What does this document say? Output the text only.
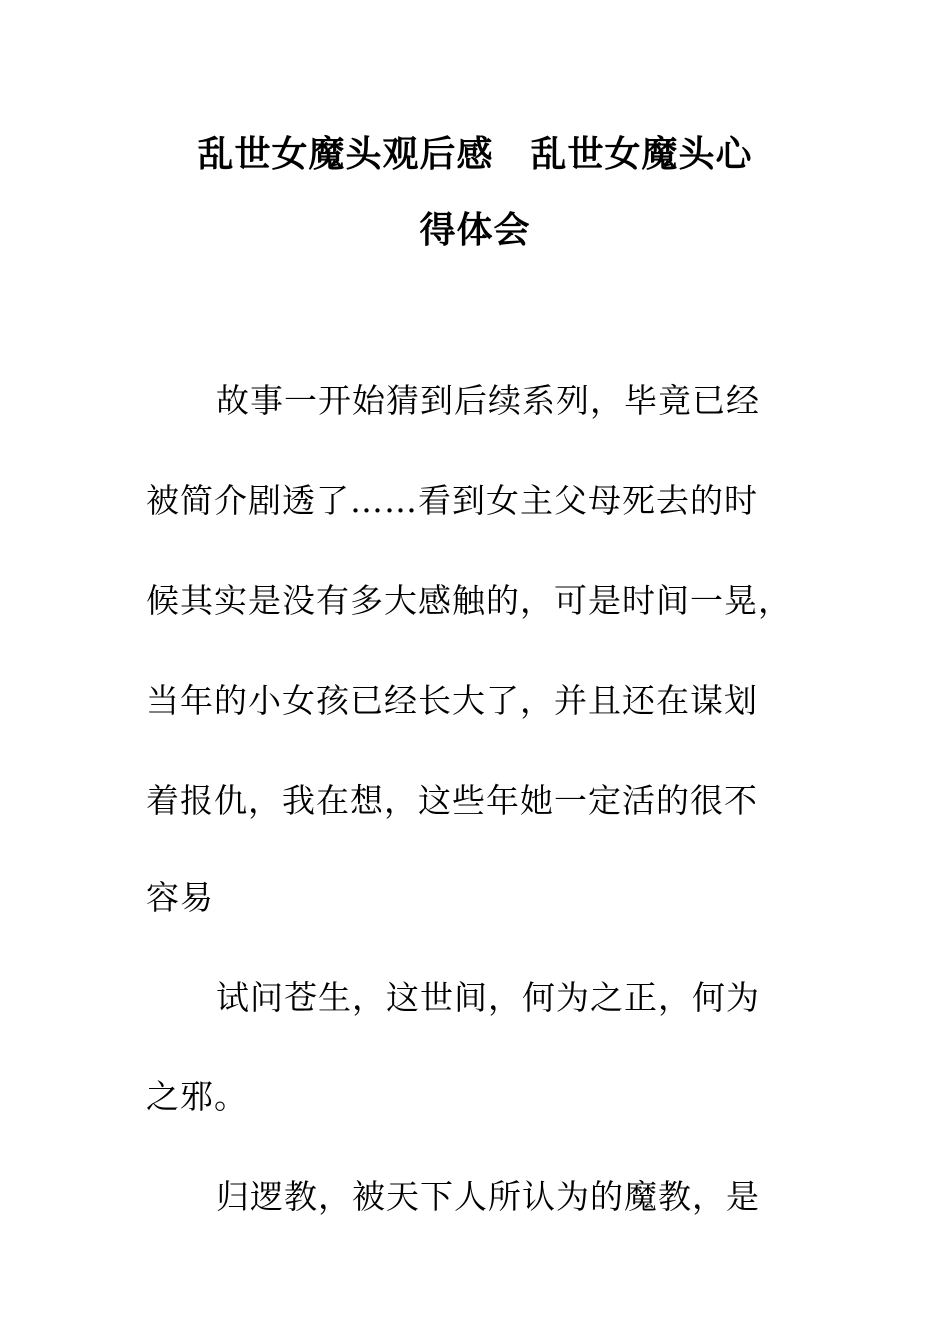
乱世女魔头观后感　乱世女魔头心
得体会
故事一开始猜到后续系列，毕竟已经
被简介剧透了……看到女主父母死去的时
候其实是没有多大感触的，可是时间一晃，
当年的小女孩已经长大了，并且还在谋划
着报仇，我在想，这些年她一定活的很不
容易
试问苍生，这世间，何为之正，何为
之邪。
归逻教，被天下人所认为的魔教，是
